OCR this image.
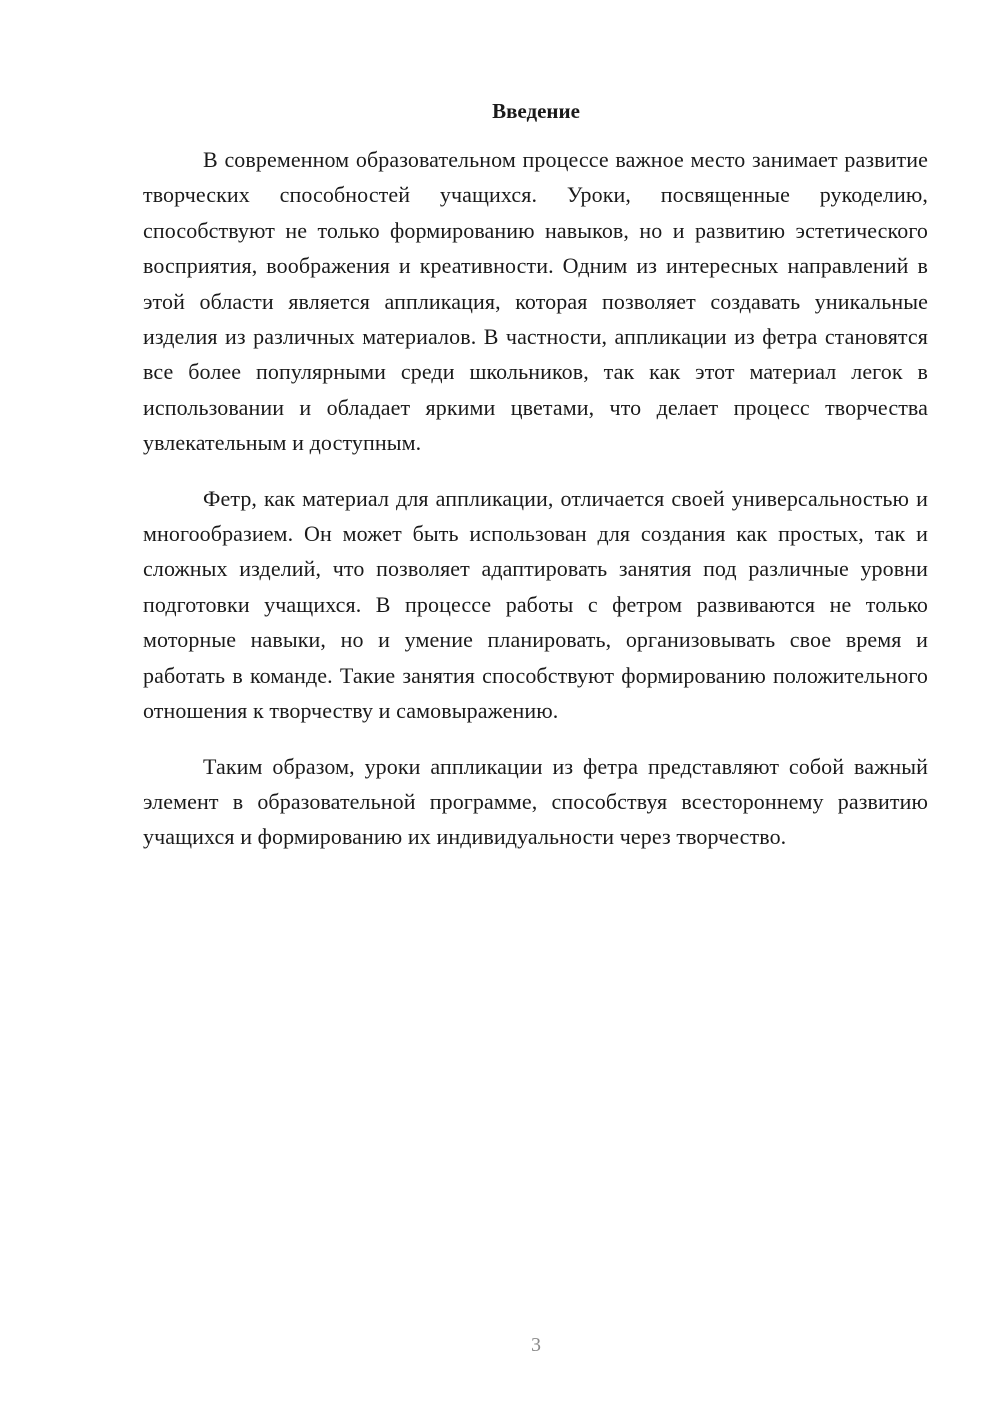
Введение

В современном образовательном процессе важное место занимает развитие творческих способностей учащихся. Уроки, посвященные рукоделию, способствуют не только формированию навыков, но и развитию эстетического восприятия, воображения и креативности. Одним из интересных направлений в этой области является аппликация, которая позволяет создавать уникальные изделия из различных материалов. В частности, аппликации из фетра становятся все более популярными среди школьников, так как этот материал легок в использовании и обладает яркими цветами, что делает процесс творчества увлекательным и доступным.

Фетр, как материал для аппликации, отличается своей универсальностью и многообразием. Он может быть использован для создания как простых, так и сложных изделий, что позволяет адаптировать занятия под различные уровни подготовки учащихся. В процессе работы с фетром развиваются не только моторные навыки, но и умение планировать, организовывать свое время и работать в команде. Такие занятия способствуют формированию положительного отношения к творчеству и самовыражению.

Таким образом, уроки аппликации из фетра представляют собой важный элемент в образовательной программе, способствуя всестороннему развитию учащихся и формированию их индивидуальности через творчество.

3
